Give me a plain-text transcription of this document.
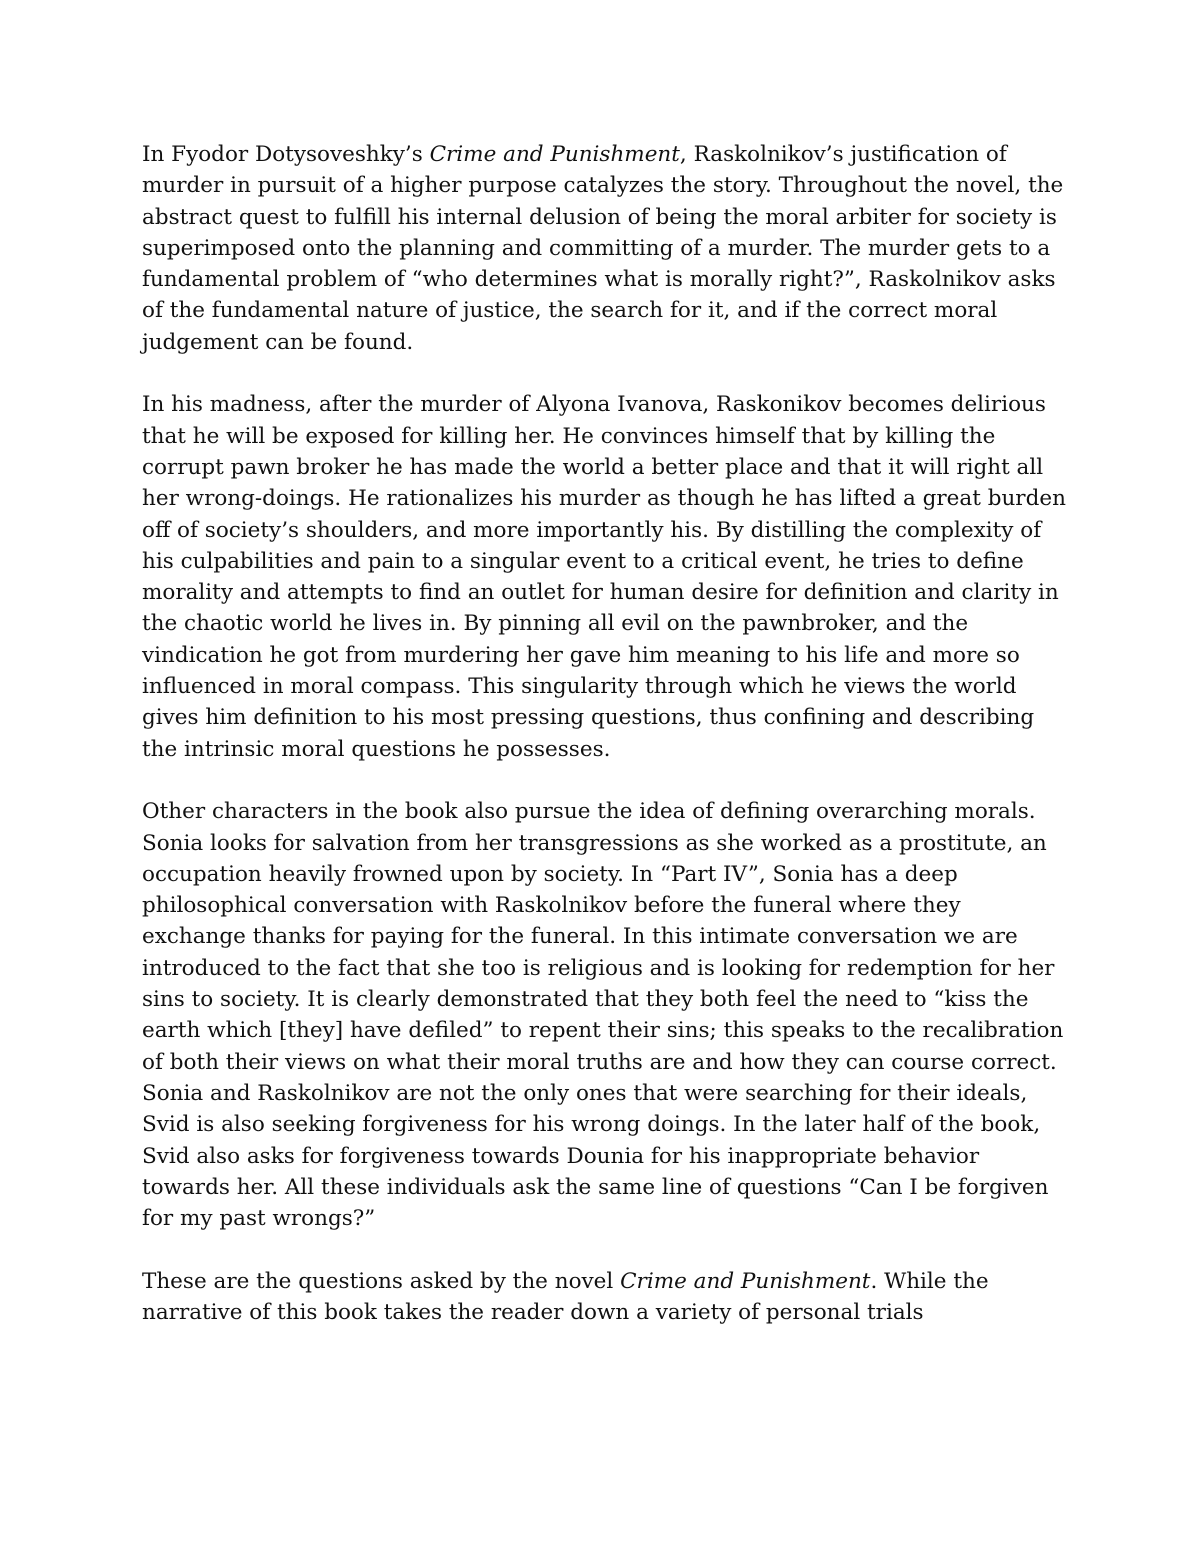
In Fyodor Dotysoveshky’s Crime and Punishment, Raskolnikov’s justification of murder in pursuit of a higher purpose catalyzes the story. Throughout the novel, the abstract quest to fulfill his internal delusion of being the moral arbiter for society is superimposed onto the planning and committing of a murder. The murder gets to a fundamental problem of “who determines what is morally right?”, Raskolnikov asks of the fundamental nature of justice, the search for it, and if the correct moral judgement can be found.

In his madness, after the murder of Alyona Ivanova, Raskonikov becomes delirious that he will be exposed for killing her. He convinces himself that by killing the corrupt pawn broker he has made the world a better place and that it will right all her wrong-doings. He rationalizes his murder as though he has lifted a great burden off of society’s shoulders, and more importantly his. By distilling the complexity of his culpabilities and pain to a singular event to a critical event, he tries to define morality and attempts to find an outlet for human desire for definition and clarity in the chaotic world he lives in. By pinning all evil on the pawnbroker, and the vindication he got from murdering her gave him meaning to his life and more so influenced in moral compass. This singularity through which he views the world gives him definition to his most pressing questions, thus confining and describing the intrinsic moral questions he possesses.

Other characters in the book also pursue the idea of defining overarching morals. Sonia looks for salvation from her transgressions as she worked as a prostitute, an occupation heavily frowned upon by society. In “Part IV”, Sonia has a deep philosophical conversation with Raskolnikov before the funeral where they exchange thanks for paying for the funeral. In this intimate conversation we are introduced to the fact that she too is religious and is looking for redemption for her sins to society. It is clearly demonstrated that they both feel the need to “kiss the earth which [they] have defiled” to repent their sins; this speaks to the recalibration of both their views on what their moral truths are and how they can course correct. Sonia and Raskolnikov are not the only ones that were searching for their ideals, Svid is also seeking forgiveness for his wrong doings. In the later half of the book, Svid also asks for forgiveness towards Dounia for his inappropriate behavior towards her. All these individuals ask the same line of questions “Can I be forgiven for my past wrongs?”

These are the questions asked by the novel Crime and Punishment. While the narrative of this book takes the reader down a variety of personal trials
